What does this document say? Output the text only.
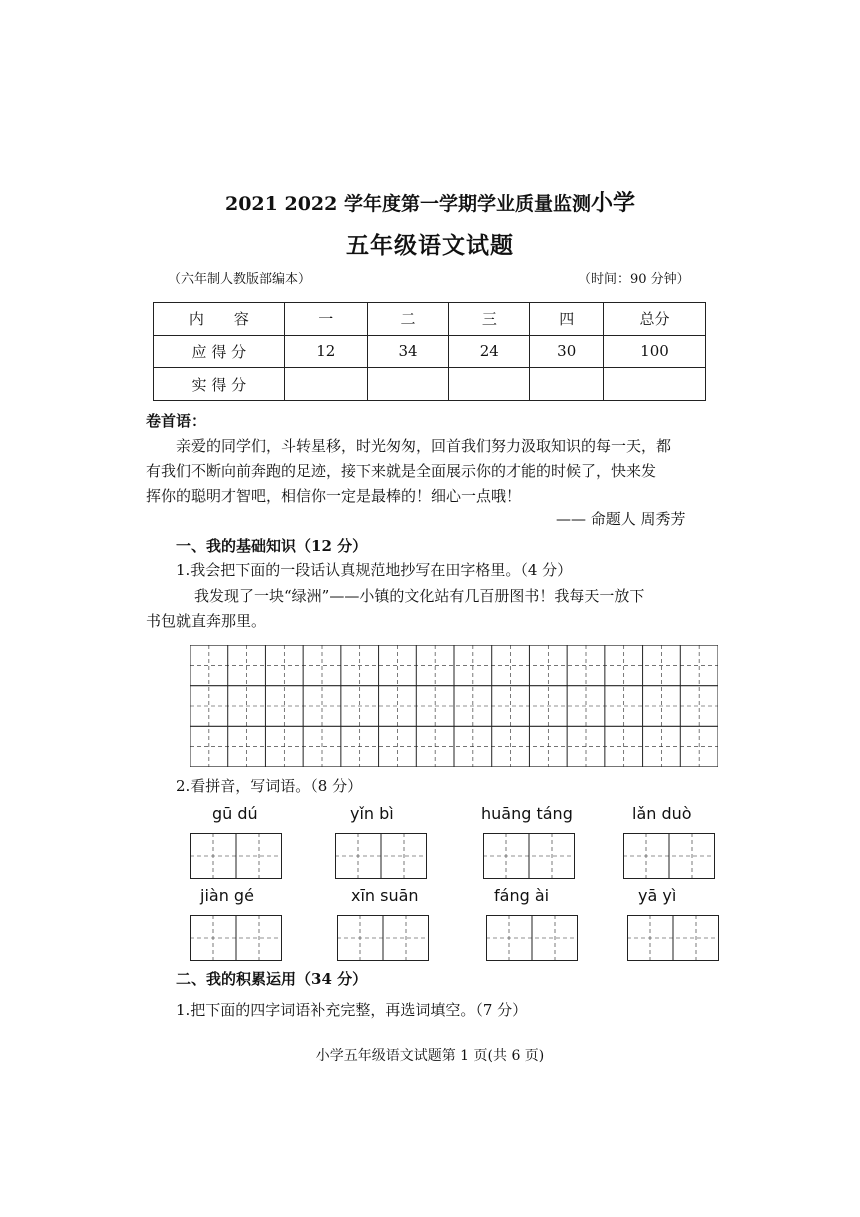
2021 2022 学年度第一学期学业质量监测小学
五年级语文试题
（六年制人教版部编本）	（时间：90 分钟）
内　　容	一	二	三	四	总分
应 得 分	12	34	24	30	100
实 得 分					
卷首语：
亲爱的同学们，斗转星移，时光匆匆，回首我们努力汲取知识的每一天，都
有我们不断向前奔跑的足迹，接下来就是全面展示你的才能的时候了，快来发
挥你的聪明才智吧，相信你一定是最棒的！细心一点哦！
—— 命题人 周秀芳
一、我的基础知识（12 分）
1.我会把下面的一段话认真规范地抄写在田字格里。（4 分）
我发现了一块“绿洲”——小镇的文化站有几百册图书！我每天一放下
书包就直奔那里。
2.看拼音，写词语。（8 分）
gū dú	yǐn bì	huāng táng	lǎn duò
jiàn gé	xīn suān	fáng ài	yā yì
二、我的积累运用（34 分）
1.把下面的四字词语补充完整，再选词填空。（7 分）
小学五年级语文试题第 1 页(共 6 页)
